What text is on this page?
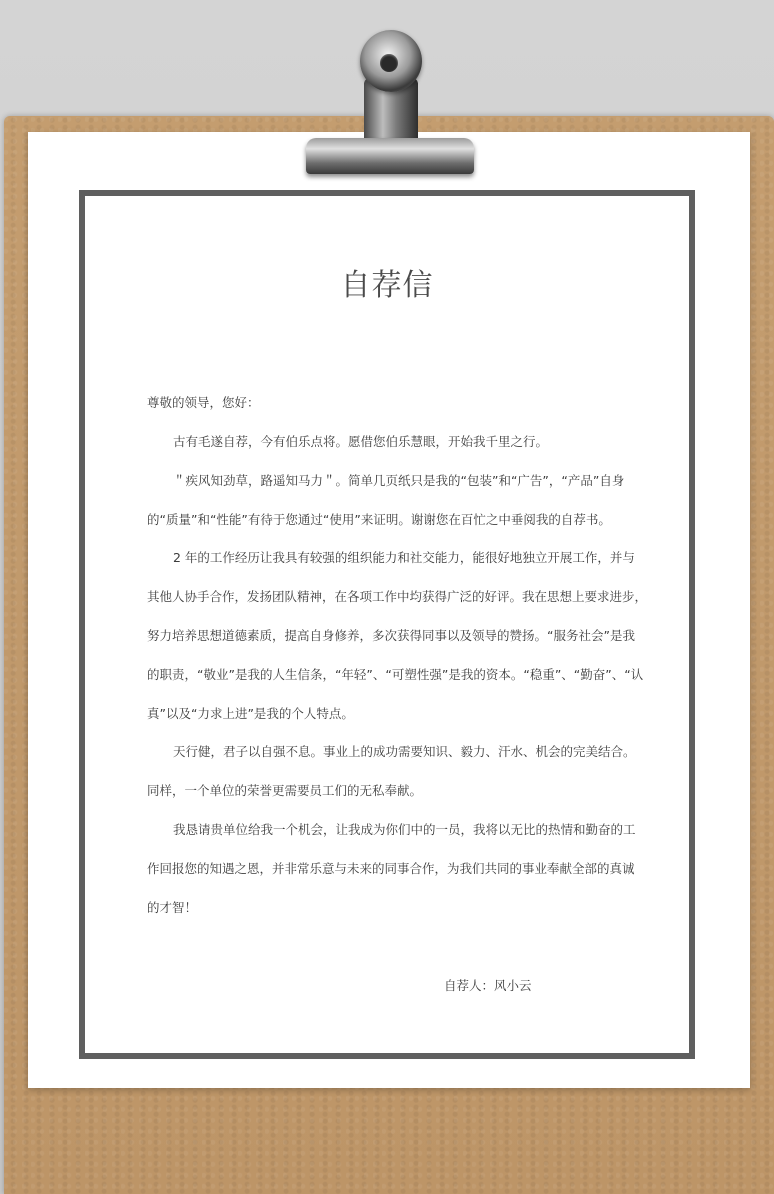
自荐信
尊敬的领导，您好：
古有毛遂自荐，今有伯乐点将。愿借您伯乐慧眼，开始我千里之行。
＂疾风知劲草，路遥知马力＂。简单几页纸只是我的“包装”和“广告”，“产品”自身
的“质量”和“性能”有待于您通过“使用”来证明。谢谢您在百忙之中垂阅我的自荐书。
2 年的工作经历让我具有较强的组织能力和社交能力，能很好地独立开展工作，并与
其他人协手合作，发扬团队精神，在各项工作中均获得广泛的好评。我在思想上要求进步，
努力培养思想道德素质，提高自身修养，多次获得同事以及领导的赞扬。“服务社会”是我
的职责，“敬业”是我的人生信条，“年轻”、“可塑性强”是我的资本。“稳重”、“勤奋”、“认
真”以及“力求上进”是我的个人特点。
天行健，君子以自强不息。事业上的成功需要知识、毅力、汗水、机会的完美结合。
同样，一个单位的荣誉更需要员工们的无私奉献。
我恳请贵单位给我一个机会，让我成为你们中的一员，我将以无比的热情和勤奋的工
作回报您的知遇之恩，并非常乐意与未来的同事合作，为我们共同的事业奉献全部的真诚
的才智！
自荐人：风小云
